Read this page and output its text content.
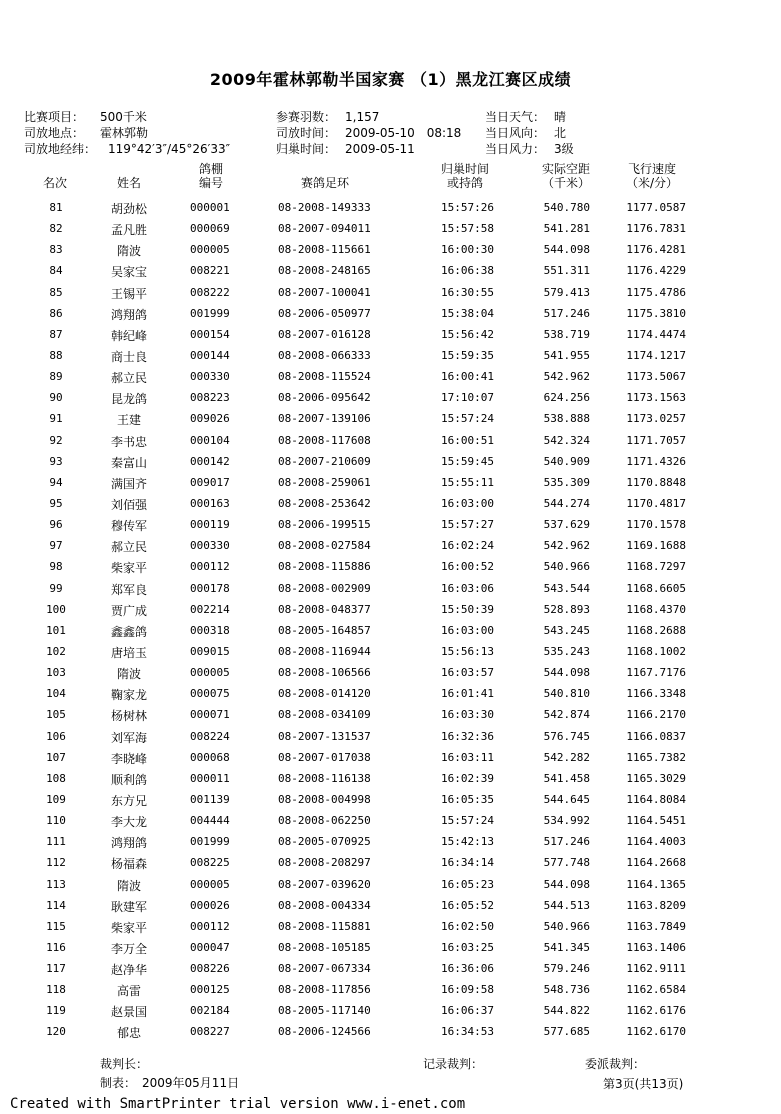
2009年霍林郭勒半国家赛 （1）黑龙江赛区成绩
比赛项目： 500千米	参赛羽数： 1,157	当日天气： 晴
司放地点： 霍林郭勒	司放时间： 2009-05-10　08:18 当日风向： 北
司放地经纬： 119°42′3″/45°26′33″	归巢时间： 2009-05-11	当日风力： 3级
名次	姓名
鸽棚
编号	赛鸽足环
归巢时间
或持鸽
实际空距
（千米）
飞行速度
（米/分）
81	胡劲松	000001	08-2008-149333	15:57:26	540.780	1177.0587
82	孟凡胜	000069	08-2007-094011	15:57:58	541.281	1176.7831
83	隋波	000005	08-2008-115661	16:00:30	544.098	1176.4281
84	吴家宝	008221	08-2008-248165	16:06:38	551.311	1176.4229
85	王锡平	008222	08-2007-100041	16:30:55	579.413	1175.4786
86	鸿翔鸽	001999	08-2006-050977	15:38:04	517.246	1175.3810
87	韩纪峰	000154	08-2007-016128	15:56:42	538.719	1174.4474
88	商士良	000144	08-2008-066333	15:59:35	541.955	1174.1217
89	郝立民	000330	08-2008-115524	16:00:41	542.962	1173.5067
90	昆龙鸽	008223	08-2006-095642	17:10:07	624.256	1173.1563
91	王建	009026	08-2007-139106	15:57:24	538.888	1173.0257
92	李书忠	000104	08-2008-117608	16:00:51	542.324	1171.7057
93	秦富山	000142	08-2007-210609	15:59:45	540.909	1171.4326
94	满国齐	009017	08-2008-259061	15:55:11	535.309	1170.8848
95	刘佰强	000163	08-2008-253642	16:03:00	544.274	1170.4817
96	穆传军	000119	08-2006-199515	15:57:27	537.629	1170.1578
97	郝立民	000330	08-2008-027584	16:02:24	542.962	1169.1688
98	柴家平	000112	08-2008-115886	16:00:52	540.966	1168.7297
99	郑军良	000178	08-2008-002909	16:03:06	543.544	1168.6605
100	贾广成	002214	08-2008-048377	15:50:39	528.893	1168.4370
101	鑫鑫鸽	000318	08-2005-164857	16:03:00	543.245	1168.2688
102	唐培玉	009015	08-2008-116944	15:56:13	535.243	1168.1002
103	隋波	000005	08-2008-106566	16:03:57	544.098	1167.7176
104	鞠家龙	000075	08-2008-014120	16:01:41	540.810	1166.3348
105	杨树林	000071	08-2008-034109	16:03:30	542.874	1166.2170
106	刘军海	008224	08-2007-131537	16:32:36	576.745	1166.0837
107	李晓峰	000068	08-2007-017038	16:03:11	542.282	1165.7382
108	顺利鸽	000011	08-2008-116138	16:02:39	541.458	1165.3029
109	东方兄	001139	08-2008-004998	16:05:35	544.645	1164.8084
110	李大龙	004444	08-2008-062250	15:57:24	534.992	1164.5451
111	鸿翔鸽	001999	08-2005-070925	15:42:13	517.246	1164.4003
112	杨福森	008225	08-2008-208297	16:34:14	577.748	1164.2668
113	隋波	000005	08-2007-039620	16:05:23	544.098	1164.1365
114	耿建军	000026	08-2008-004334	16:05:52	544.513	1163.8209
115	柴家平	000112	08-2008-115881	16:02:50	540.966	1163.7849
116	李万全	000047	08-2008-105185	16:03:25	541.345	1163.1406
117	赵净华	008226	08-2007-067334	16:36:06	579.246	1162.9111
118	高雷	000125	08-2008-117856	16:09:58	548.736	1162.6584
119	赵景国	002184	08-2005-117140	16:06:37	544.822	1162.6176
120	郁忠	008227	08-2006-124566	16:34:53	577.685	1162.6170
裁判长：	记录裁判：	委派裁判：
制表：　2009年05月11日	第3页(共13页)
Created with SmartPrinter trial version www.i-enet.com
